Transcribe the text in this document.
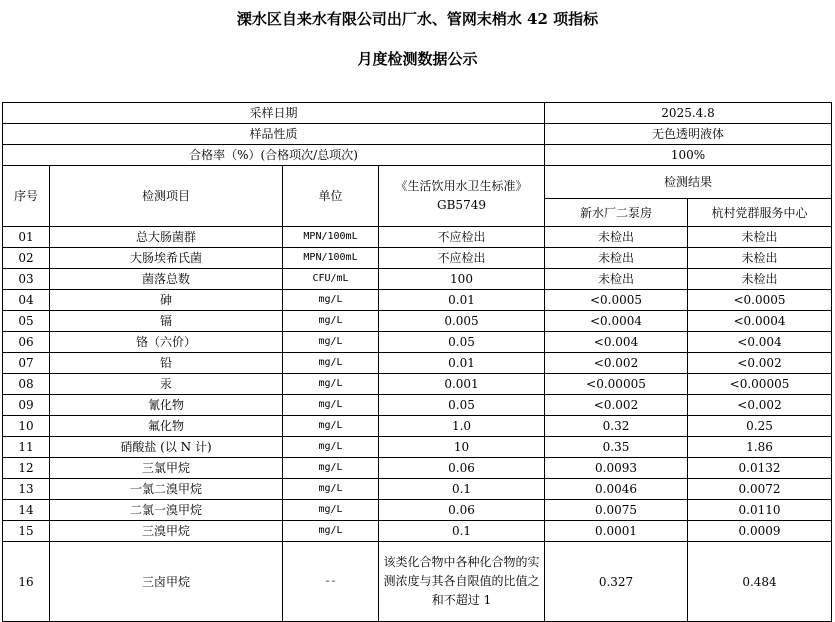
溧水区自来水有限公司出厂水、管网末梢水 42 项指标
月度检测数据公示
采样日期				2025.4.8	
样品性质				无色透明液体	
合格率（%）(合格项次/总项次)				100%	
序号	检测项目	单位	《生活饮用水卫生标准》
GB5749	检测结果	
				新水厂二泵房	杭村党群服务中心
01	总大肠菌群	MPN/100mL	不应检出	未检出	未检出
02	大肠埃希氏菌	MPN/100mL	不应检出	未检出	未检出
03	菌落总数	CFU/mL	100	未检出	未检出
04	砷	mg/L	0.01	<0.0005	<0.0005
05	镉	mg/L	0.005	<0.0004	<0.0004
06	铬（六价）	mg/L	0.05	<0.004	<0.004
07	铅	mg/L	0.01	<0.002	<0.002
08	汞	mg/L	0.001	<0.00005	<0.00005
09	氰化物	mg/L	0.05	<0.002	<0.002
10	氟化物	mg/L	1.0	0.32	0.25
11	硝酸盐 (以 N 计)	mg/L	10	0.35	1.86
12	三氯甲烷	mg/L	0.06	0.0093	0.0132
13	一氯二溴甲烷	mg/L	0.1	0.0046	0.0072
14	二氯一溴甲烷	mg/L	0.06	0.0075	0.0110
15	三溴甲烷	mg/L	0.1	0.0001	0.0009
16	三卤甲烷	--	该类化合物中各种化合物的实测浓度与其各自限值的比值之和不超过 1	0.327	0.484
